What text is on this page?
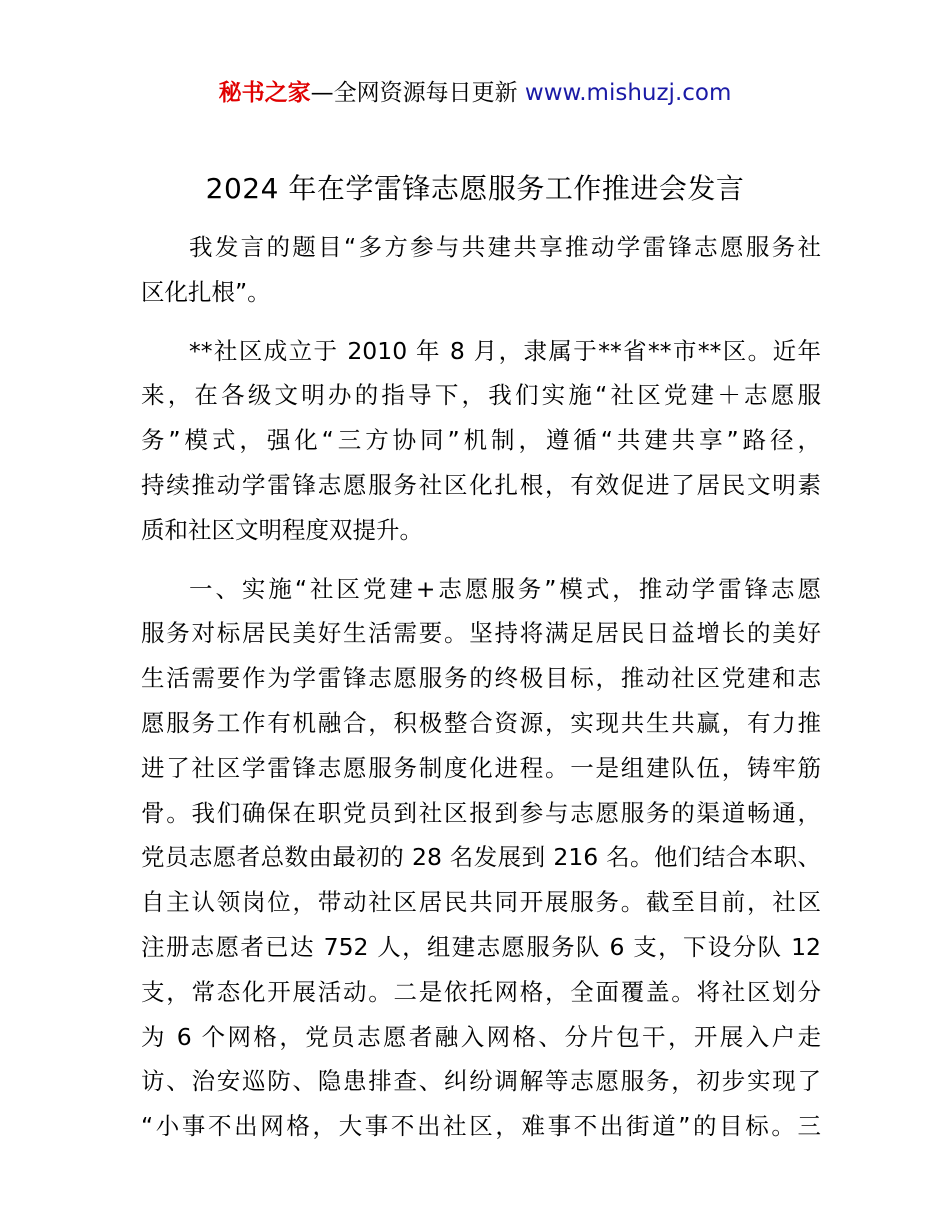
秘书之家—全网资源每日更新 www.mishuzj.com
2024 年在学雷锋志愿服务工作推进会发言

我发言的题目“多方参与共建共享推动学雷锋志愿服务社
区化扎根”。

**社区成立于 2010 年 8 月，隶属于**省**市**区。近年
来，在各级文明办的指导下，我们实施“社区党建＋志愿服
务”模式，强化“三方协同”机制，遵循“共建共享”路径，
持续推动学雷锋志愿服务社区化扎根，有效促进了居民文明素
质和社区文明程度双提升。

一、实施“社区党建+志愿服务”模式，推动学雷锋志愿
服务对标居民美好生活需要。坚持将满足居民日益增长的美好
生活需要作为学雷锋志愿服务的终极目标，推动社区党建和志
愿服务工作有机融合，积极整合资源，实现共生共赢，有力推
进了社区学雷锋志愿服务制度化进程。一是组建队伍，铸牢筋
骨。我们确保在职党员到社区报到参与志愿服务的渠道畅通，
党员志愿者总数由最初的 28 名发展到 216 名。他们结合本职、
自主认领岗位，带动社区居民共同开展服务。截至目前，社区
注册志愿者已达 752 人，组建志愿服务队 6 支，下设分队 12
支，常态化开展活动。二是依托网格，全面覆盖。将社区划分
为 6 个网格，党员志愿者融入网格、分片包干，开展入户走
访、治安巡防、隐患排查、纠纷调解等志愿服务，初步实现了
“小事不出网格，大事不出社区，难事不出街道”的目标。三
